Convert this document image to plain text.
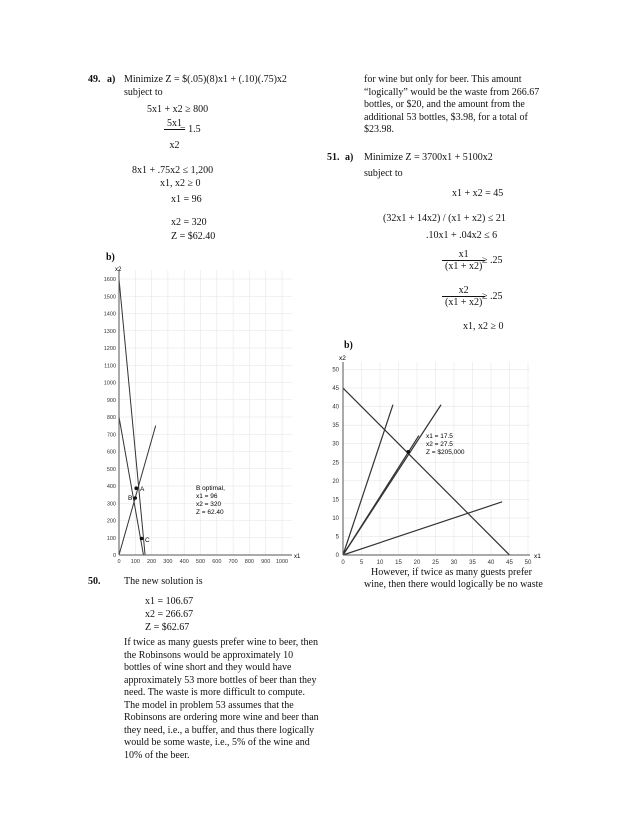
49. a) Minimize Z = $(.05)(8)x1 + (.10)(.75)x2
subject to
5x1 + x2 ≥ 800
$\frac{5x1}{x2}$
= 1.5
8x1 + .75x2 ≤ 1,200
x1, x2 ≥ 0
x1 = 96
x2 = 320
Z = $62.40
b)
0
100
200
300
400
500
600
700
800
900
1000
1100
1200
1300
1400
1500
1600
0 100 200 300 400 500 600 700 800 900 1000
x2
x1
A
B
C
B optimal,
x1 = 96
x2 = 320
Z = 62.40
50. The new solution is
x1 = 106.67
x2 = 266.67
Z = $62.67
If twice as many guests prefer wine to beer, then the Robinsons would be approximately 10 bottles of wine short and they would have approximately 53 more bottles of beer than they need. The waste is more difficult to compute. The model in problem 53 assumes that the Robinsons are ordering more wine and beer than they need, i.e., a buffer, and thus there logically would be some waste, i.e., 5% of the wine and 10% of the beer.
for wine but only for beer. This amount “logically” would be the waste from 266.67 bottles, or $20, and the amount from the additional 53 bottles, $3.98, for a total of $23.98.
51. a) Minimize Z = 3700x1 + 5100x2
subject to
x1 + x2 = 45
(32x1 + 14x2) / (x1 + x2) ≤ 21
.10x1 + .04x2 ≤ 6
$\frac{x1}{(x1 + x2)}$
≥ .25
$\frac{x2}{(x1 + x2)}$
≥ .25
x1, x2 ≥ 0
b)
0
5
10
15
20
25
30
35
40
45
50
0	5 10 15 20 25 30 35 40 45 50
x2
x1
x1 = 17.5
x2 = 27.5
Z = $205,000
However, if twice as many guests prefer
wine, then there would logically be no waste
